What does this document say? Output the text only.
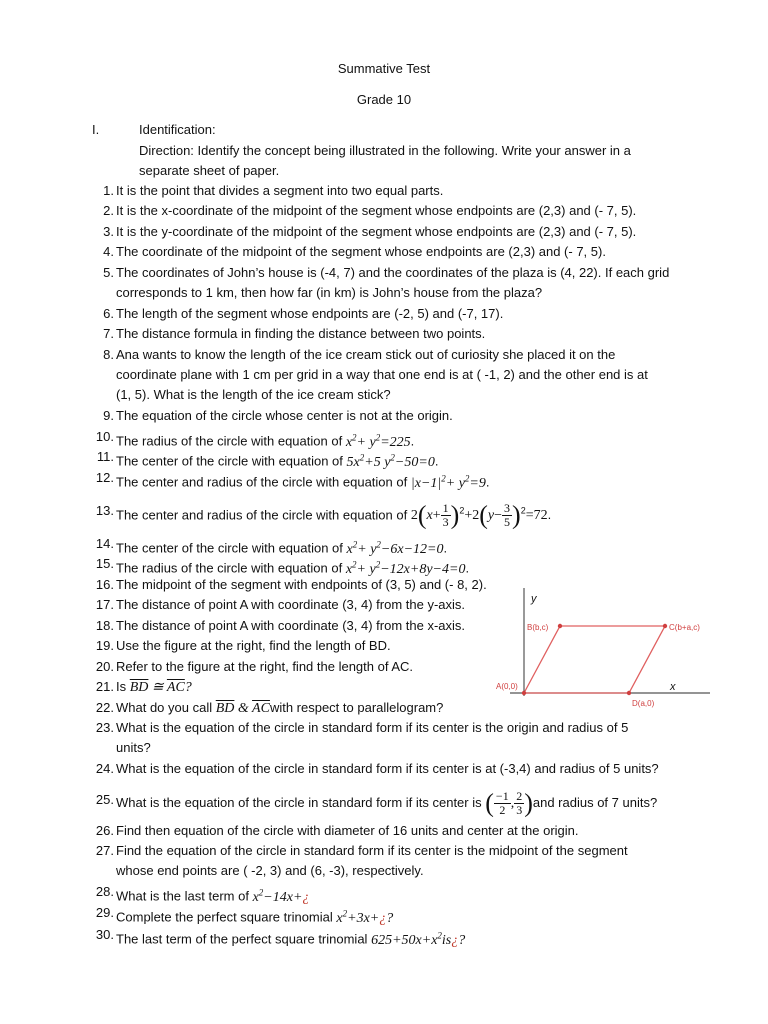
Summative Test
Grade 10
I.	Identification:
Direction: Identify the concept being illustrated in the following. Write your answer in a
separate sheet of paper.
1. It is the point that divides a segment into two equal parts.
2. It is the x-coordinate of the midpoint of the segment whose endpoints are (2,3) and (- 7, 5).
3. It is the y-coordinate of the midpoint of the segment whose endpoints are (2,3) and (- 7, 5).
4. The coordinate of the midpoint of the segment whose endpoints are (2,3) and (- 7, 5).
5. The coordinates of John’s house is (-4, 7) and the coordinates of the plaza is (4, 22). If each grid
corresponds to 1 km, then how far (in km) is John’s house from the plaza?
6. The length of the segment whose endpoints are (-2, 5) and (-7, 17).
7. The distance formula in finding the distance between two points.
8. Ana wants to know the length of the ice cream stick out of curiosity she placed it on the
coordinate plane with 1 cm per grid in a way that one end is at ( -1, 2) and the other end is at
(1, 5). What is the length of the ice cream stick?
9. The equation of the circle whose center is not at the origin.
10. The radius of the circle with equation of $x^2+ y^2=225$.
11. The center of the circle with equation of $5x^2+5$ $y^2-50=0$.
12. The center and radius of the circle with equation of $|x-1|^2+ y^2=9$.
13. The center and radius of the circle with equation of $2(x+ \frac{1}{3} )^2+2(y- \frac{3}{5} )^2=72$.
14. The center of the circle with equation of $x^2+ y^2-6x-12=0$.
15. The radius of the circle with equation of $x^2+ y^2-12x+8y-4=0$.
16. The midpoint of the segment with endpoints of (3, 5) and (- 8, 2).
17. The distance of point A with coordinate (3, 4) from the y-axis.
18. The distance of point A with coordinate (3, 4) from the x-axis.
19. Use the figure at the right, find the length of BD.
20. Refer to the figure at the right, find the length of AC.
21. Is $\overline{BD}$ ≅ $\overline{AC}$?
22. What do you call $\overline{BD}$ & $\overline{AC}with$ respect to parallelogram?
23. What is the equation of the circle in standard form if its center is the origin and radius of 5
units?
24. What is the equation of the circle in standard form if its center is at (-3,4) and radius of 5 units?
25. What is the equation of the circle in standard form if its center is ( $\frac{-1}{2}$ , $\frac{2}{3} )and$ radius of 7 units?
26. Find then equation of the circle with diameter of 16 units and center at the origin.
27. Find the equation of the circle in standard form if its center is the midpoint of the segment
whose end points are ( -2, 3) and (6, -3), respectively.
28. What is the last term of $x^2-14x+¿$
29. Complete the perfect square trinomial $x^2+3x+¿$?
30. The last term of the perfect square trinomial $625+50x+x^2is¿$?
y
x
B(b,c)	C(b+a,c)
A(0,0)
D(a,0)
